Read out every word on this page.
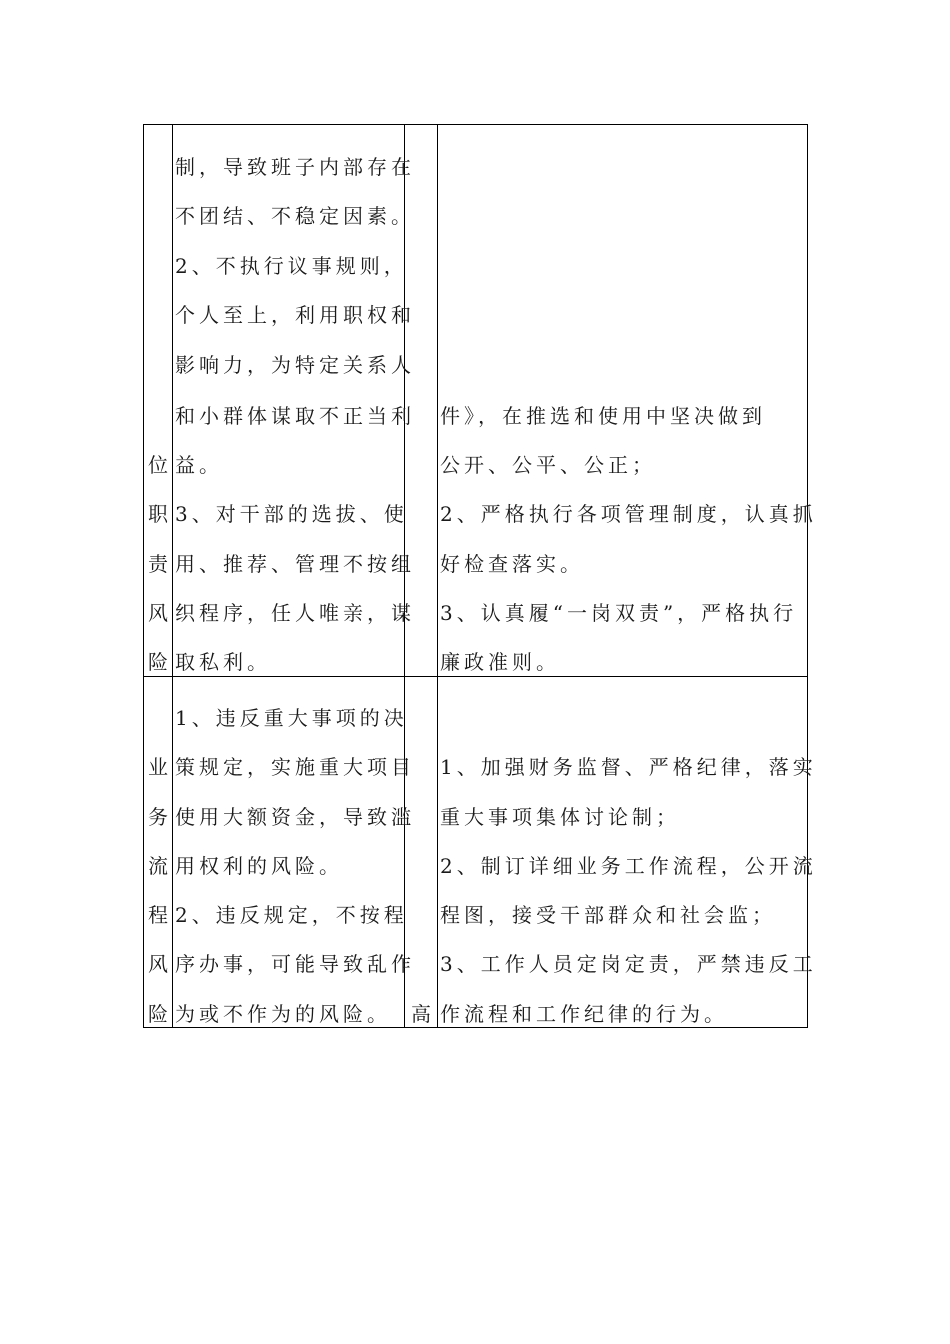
位
职
责
风
险
制，导致班子内部存在
不团结、不稳定因素。
2、不执行议事规则，
个人至上，利用职权和
影响力，为特定关系人
和小群体谋取不正当利
益。
3、对干部的选拔、使
用、推荐、管理不按组
织程序，任人唯亲，谋
取私利。
件》，在推选和使用中坚决做到
公开、公平、公正；
2、严格执行各项管理制度，认真抓
好检查落实。
3、认真履“一岗双责”，严格执行
廉政准则。
业
务
流
程
风
险
1、违反重大事项的决
策规定，实施重大项目
使用大额资金，导致滥
用权利的风险。
2、违反规定，不按程
序办事，可能导致乱作
为或不作为的风险。 高
1、加强财务监督、严格纪律，落实
重大事项集体讨论制；
2、制订详细业务工作流程，公开流
程图，接受干部群众和社会监；
3、工作人员定岗定责，严禁违反工
作流程和工作纪律的行为。
